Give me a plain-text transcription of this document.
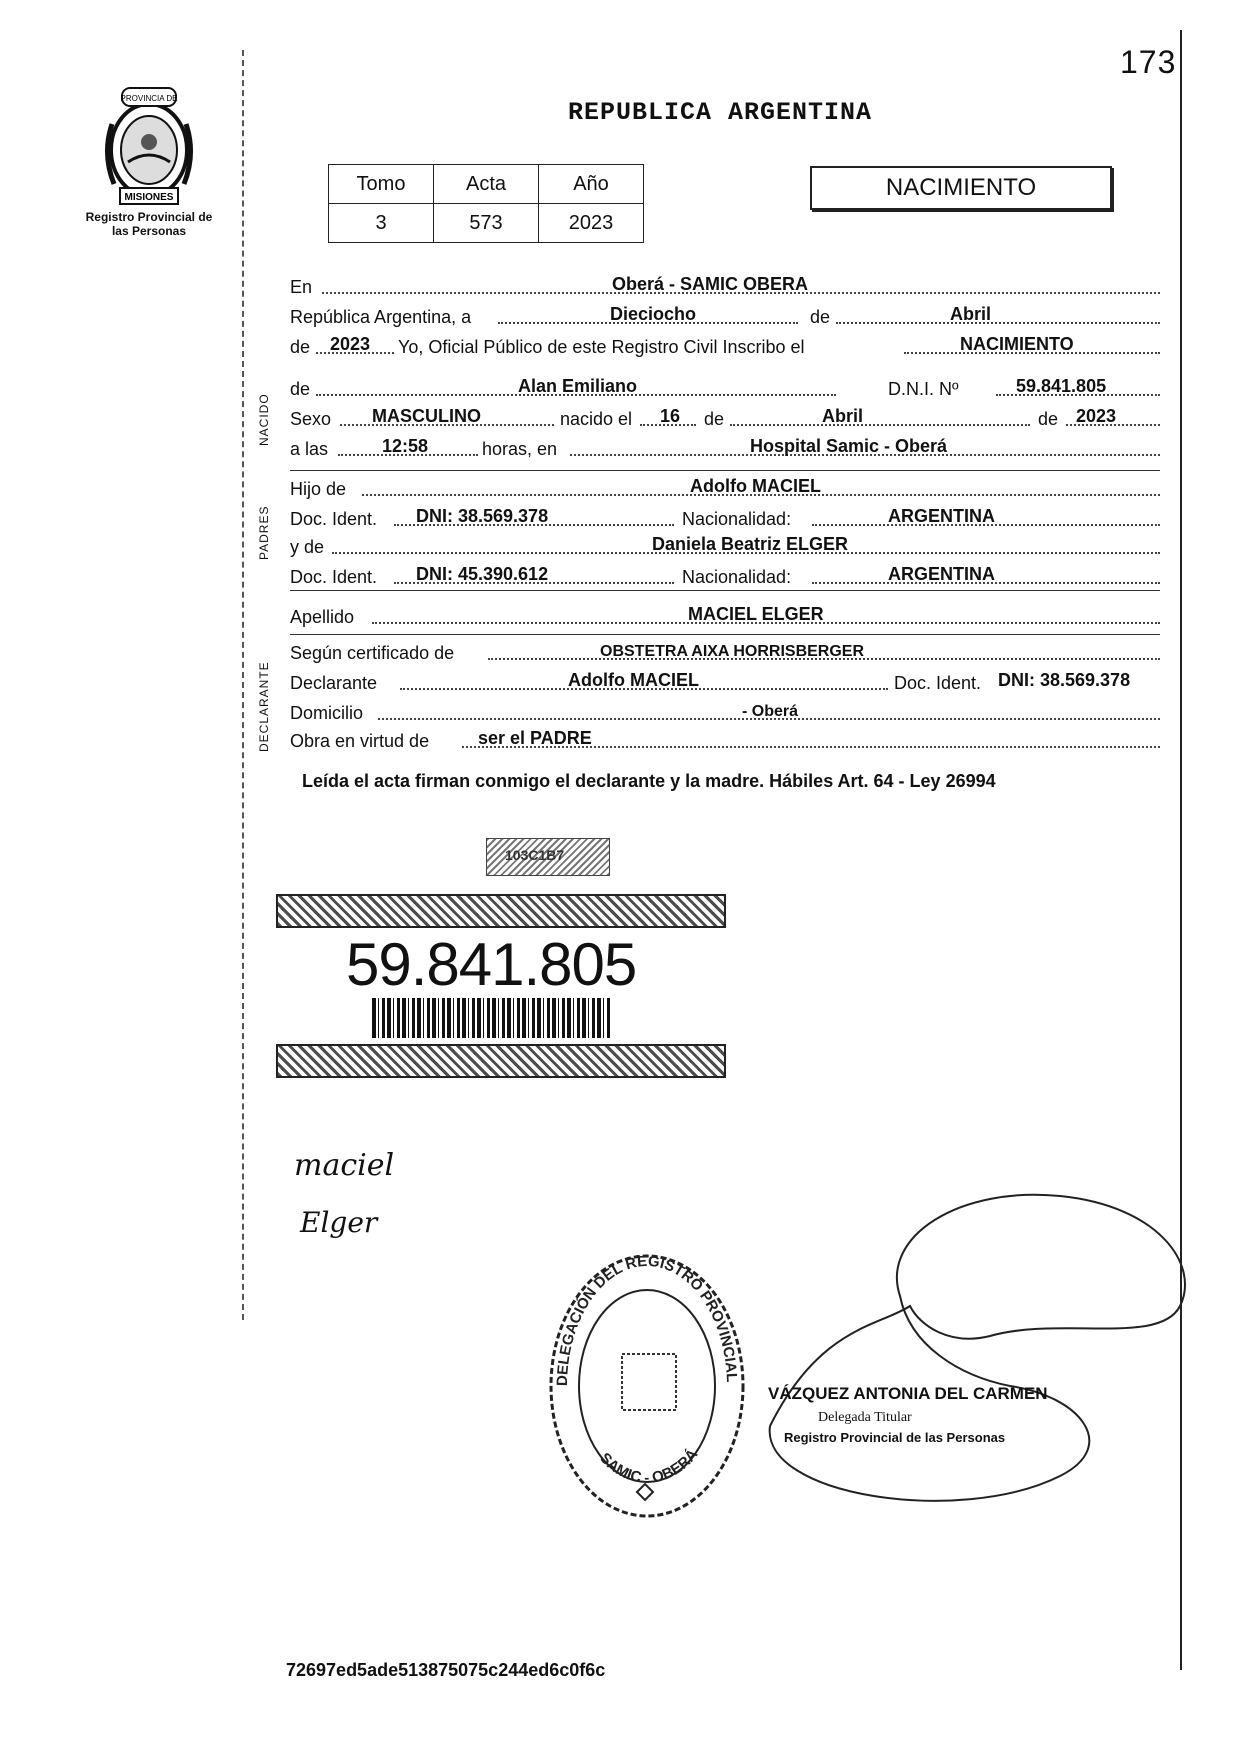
173
PROVINCIA DE
MISIONES
Registro Provincial de las Personas
REPUBLICA ARGENTINA
Tomo	Acta	Año
3	573	2023
NACIMIENTO
NACIDO
PADRES
DECLARANTE
En	Oberá - SAMIC OBERA
República Argentina, a	Dieciocho	de	Abril
de 2023 Yo, Oficial Público de este Registro Civil Inscribo el	NACIMIENTO
de	Alan Emiliano	D.N.I. Nº	59.841.805
Sexo MASCULINO	nacido el 16 de	Abril	de 2023
a las	12:58	horas, en	Hospital Samic - Oberá
Hijo de	Adolfo MACIEL
Doc. Ident. DNI: 38.569.378	Nacionalidad:	ARGENTINA
y de	Daniela Beatriz ELGER
Doc. Ident. DNI: 45.390.612	Nacionalidad:	ARGENTINA
Apellido	MACIEL ELGER
Según certificado de	OBSTETRA AIXA HORRISBERGER
Declarante	Adolfo MACIEL	Doc. Ident. DNI: 38.569.378
Domicilio	- Oberá
Obra en virtud de	ser el PADRE
Leída el acta firman conmigo el declarante y la madre. Hábiles Art. 64 - Ley 26994
103C1B7
59.841.805
maciel
Elger
DELEGACIÓN DEL REGISTRO PROVINCIAL
SAMIC - OBERÁ
VÁZQUEZ ANTONIA DEL CARMEN
Delegada Titular
Registro Provincial de las Personas
72697ed5ade513875075c244ed6c0f6c
